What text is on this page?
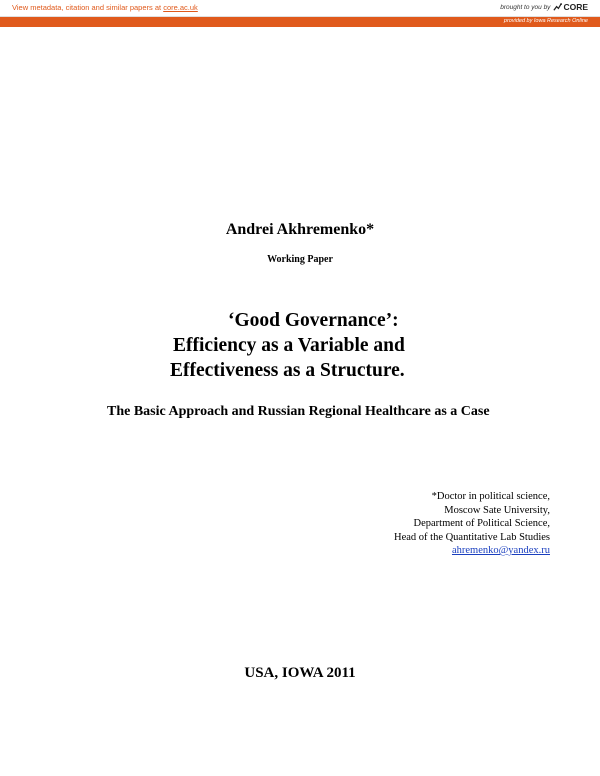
View metadata, citation and similar papers at core.ac.uk	brought to you by CORE
provided by Iowa Research Online
Andrei Akhremenko*
Working Paper
‘Good Governance’:
Efficiency as a Variable and
Effectiveness as a Structure.
The Basic Approach and Russian Regional Healthcare as a Case
*Doctor in political science,
Moscow Sate University,
Department of Political Science,
Head of the Quantitative Lab Studies
ahremenko@yandex.ru
USA, IOWA 2011
